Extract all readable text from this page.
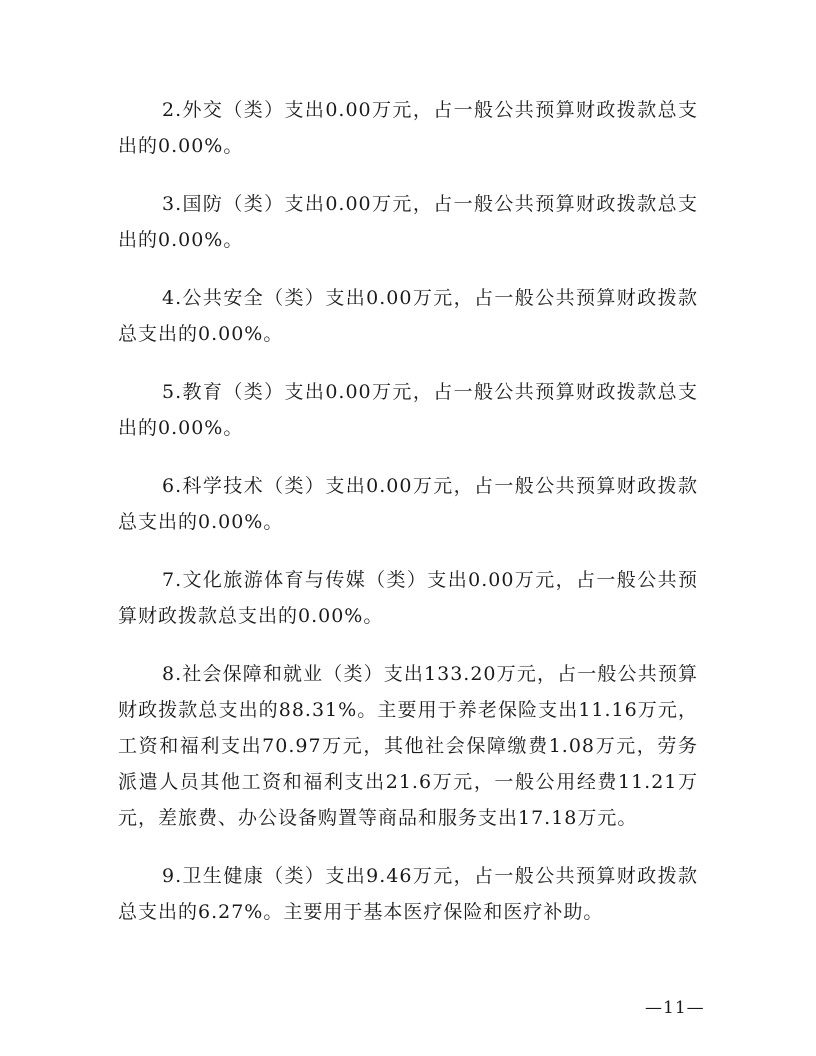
2.外交（类）支出0.00万元，占一般公共预算财政拨款总支出的0.00%。

3.国防（类）支出0.00万元，占一般公共预算财政拨款总支出的0.00%。

4.公共安全（类）支出0.00万元，占一般公共预算财政拨款总支出的0.00%。

5.教育（类）支出0.00万元，占一般公共预算财政拨款总支出的0.00%。

6.科学技术（类）支出0.00万元，占一般公共预算财政拨款总支出的0.00%。

7.文化旅游体育与传媒（类）支出0.00万元，占一般公共预算财政拨款总支出的0.00%。

8.社会保障和就业（类）支出133.20万元，占一般公共预算财政拨款总支出的88.31%。主要用于养老保险支出11.16万元，工资和福利支出70.97万元，其他社会保障缴费1.08万元，劳务派遣人员其他工资和福利支出21.6万元，一般公用经费11.21万元，差旅费、办公设备购置等商品和服务支出17.18万元。

9.卫生健康（类）支出9.46万元，占一般公共预算财政拨款总支出的6.27%。主要用于基本医疗保险和医疗补助。

—11—
